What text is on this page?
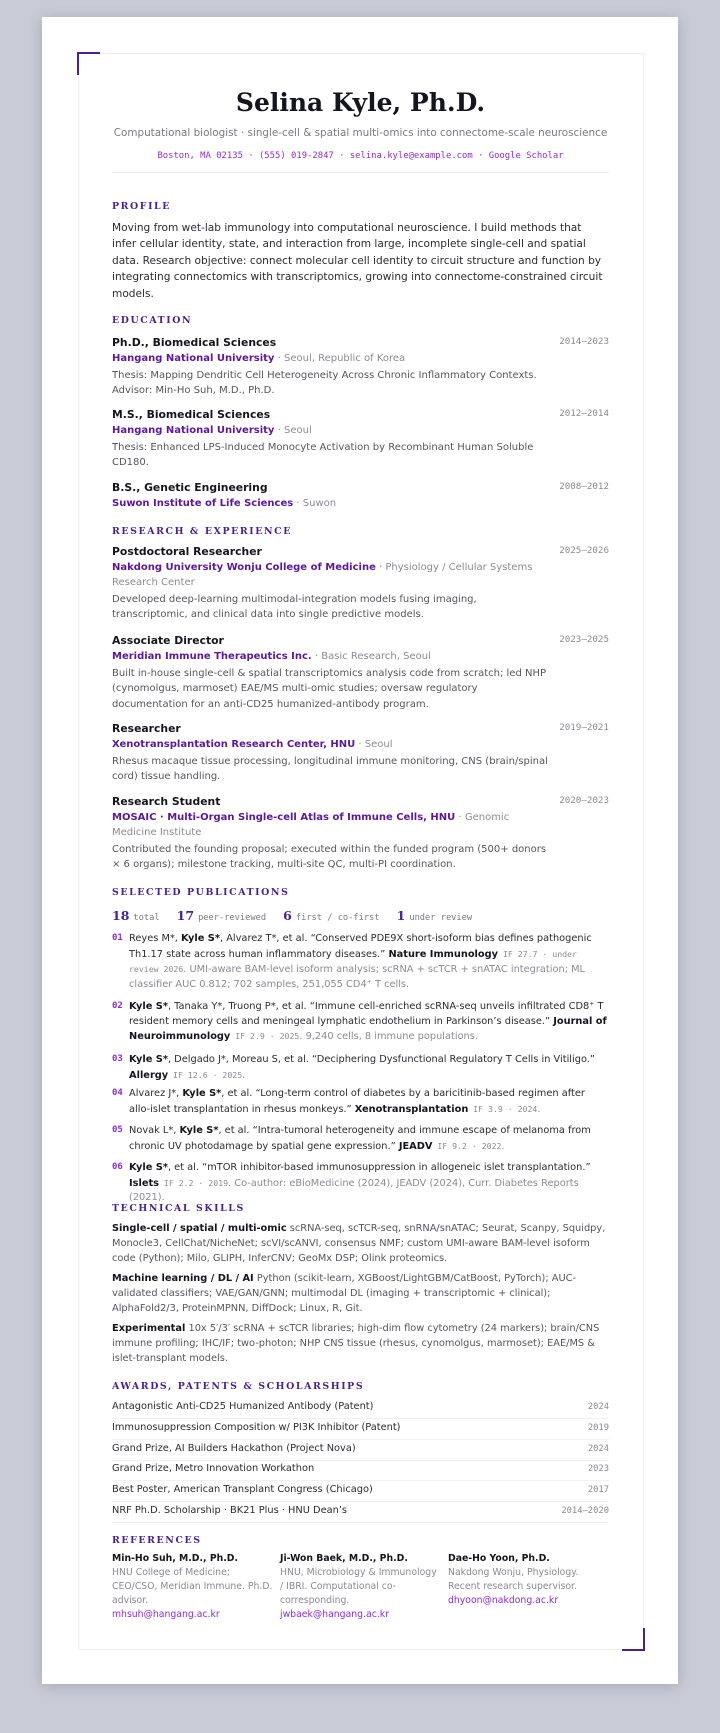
Selina Kyle, Ph.D.

Computational biologist · single-cell & spatial multi-omics into connectome-scale neuroscience

Boston, MA 02135 · (555) 019-2847 · selina.kyle@example.com · Google Scholar

PROFILE

Moving from wet-lab immunology into computational neuroscience. I build methods that infer cellular identity, state, and interaction from large, incomplete single-cell and spatial data. Research objective: connect molecular cell identity to circuit structure and function by integrating connectomics with transcriptomics, growing into connectome-constrained circuit models.

EDUCATION
2014–2023
Ph.D., Biomedical Sciences
Hangang National University · Seoul, Republic of Korea
Thesis: Mapping Dendritic Cell Heterogeneity Across Chronic Inflammatory Contexts. Advisor: Min-Ho Suh, M.D., Ph.D.
2012–2014
M.S., Biomedical Sciences
Hangang National University · Seoul
Thesis: Enhanced LPS-Induced Monocyte Activation by Recombinant Human Soluble CD180.
2008–2012
B.S., Genetic Engineering
Suwon Institute of Life Sciences · Suwon
RESEARCH & EXPERIENCE
2025–2026
Postdoctoral Researcher
Nakdong University Wonju College of Medicine · Physiology / Cellular Systems Research Center
Developed deep-learning multimodal-integration models fusing imaging, transcriptomic, and clinical data into single predictive models.
2023–2025
Associate Director
Meridian Immune Therapeutics Inc. · Basic Research, Seoul
Built in-house single-cell & spatial transcriptomics analysis code from scratch; led NHP (cynomolgus, marmoset) EAE/MS multi-omic studies; oversaw regulatory documentation for an anti-CD25 humanized-antibody program.
2019–2021
Researcher
Xenotransplantation Research Center, HNU · Seoul
Rhesus macaque tissue processing, longitudinal immune monitoring, CNS (brain/spinal cord) tissue handling.
2020–2023
Research Student
MOSAIC · Multi-Organ Single-cell Atlas of Immune Cells, HNU · Genomic Medicine Institute
Contributed the founding proposal; executed within the funded program (500+ donors × 6 organs); milestone tracking, multi-site QC, multi-PI coordination.
SELECTED PUBLICATIONS
18 total 17 peer-reviewed 6 first / co-first 1 under review
01 Reyes M*, Kyle S*, Alvarez T*, et al. “Conserved PDE9X short-isoform bias defines pathogenic Th1.17 state across human inflammatory diseases.” Nature Immunology IF 27.7 · under review 2026. UMI-aware BAM-level isoform analysis; scRNA + scTCR + snATAC integration; ML classifier AUC 0.812; 702 samples, 251,055 CD4⁺ T cells.
02 Kyle S*, Tanaka Y*, Truong P*, et al. “Immune cell-enriched scRNA-seq unveils infiltrated CD8⁺ T resident memory cells and meningeal lymphatic endothelium in Parkinson’s disease.” Journal of Neuroimmunology IF 2.9 · 2025. 9,240 cells, 8 immune populations.
03 Kyle S*, Delgado J*, Moreau S, et al. “Deciphering Dysfunctional Regulatory T Cells in Vitiligo.” Allergy IF 12.6 · 2025.
04 Alvarez J*, Kyle S*, et al. “Long-term control of diabetes by a baricitinib-based regimen after allo-islet transplantation in rhesus monkeys.” Xenotransplantation IF 3.9 · 2024.
05 Novak L*, Kyle S*, et al. “Intra-tumoral heterogeneity and immune escape of melanoma from chronic UV photodamage by spatial gene expression.” JEADV IF 9.2 · 2022.
06 Kyle S*, et al. “mTOR inhibitor-based immunosuppression in allogeneic islet transplantation.” Islets IF 2.2 · 2019. Co-author: eBioMedicine (2024), JEADV (2024), Curr. Diabetes Reports (2021).
TECHNICAL SKILLS

Single-cell / spatial / multi-omic scRNA-seq, scTCR-seq, snRNA/snATAC; Seurat, Scanpy, Squidpy, Monocle3, CellChat/NicheNet; scVI/scANVI, consensus NMF; custom UMI-aware BAM-level isoform code (Python); Milo, GLIPH, InferCNV; GeoMx DSP; Olink proteomics.

Machine learning / DL / AI Python (scikit-learn, XGBoost/LightGBM/CatBoost, PyTorch); AUC-validated classifiers; VAE/GAN/GNN; multimodal DL (imaging + transcriptomic + clinical); AlphaFold2/3, ProteinMPNN, DiffDock; Linux, R, Git.

Experimental 10x 5′/3′ scRNA + scTCR libraries; high-dim flow cytometry (24 markers); brain/CNS immune profiling; IHC/IF; two-photon; NHP CNS tissue (rhesus, cynomolgus, marmoset); EAE/MS & islet-transplant models.

AWARDS, PATENTS & SCHOLARSHIPS
Antagonistic Anti-CD25 Humanized Antibody (Patent)	2024
Immunosuppression Composition w/ PI3K Inhibitor (Patent)	2019
Grand Prize, AI Builders Hackathon (Project Nova)	2024
Grand Prize, Metro Innovation Workathon	2023
Best Poster, American Transplant Congress (Chicago)	2017
NRF Ph.D. Scholarship · BK21 Plus · HNU Dean’s	2014–2020
REFERENCES
Min-Ho Suh, M.D., Ph.D.
HNU College of Medicine; CEO/CSO, Meridian Immune. Ph.D. advisor.
mhsuh@hangang.ac.kr
Ji-Won Baek, M.D., Ph.D.
HNU, Microbiology & Immunology / IBRI. Computational co-corresponding.
jwbaek@hangang.ac.kr
Dae-Ho Yoon, Ph.D.
Nakdong Wonju, Physiology. Recent research supervisor.
dhyoon@nakdong.ac.kr
